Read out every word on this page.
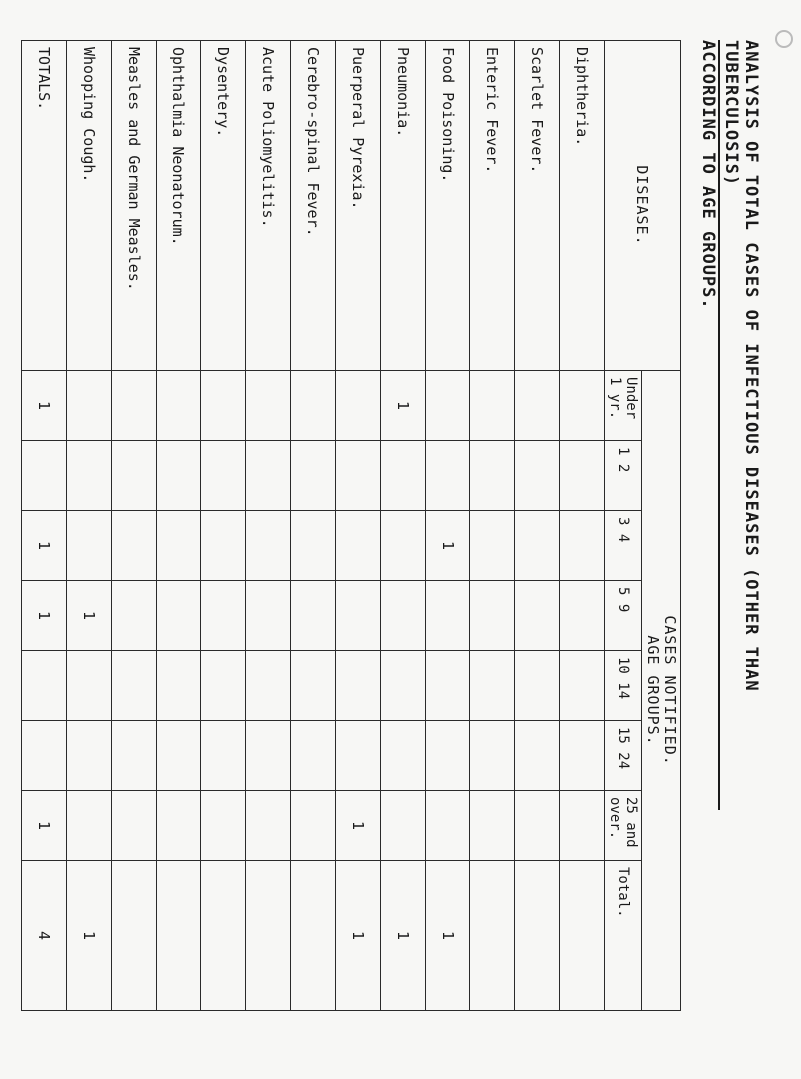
ANALYSIS OF TOTAL CASES OF INFECTIOUS DISEASES (OTHER THAN TUBERCULOSIS)
ACCORDING TO AGE GROUPS.
DISEASE.	CASES NOTIFIED.
AGE GROUPS.							
	Under 1 yr.	1 2	3 4	5 9	10 14	15 24	25 and over.	Total.
Diphtheria.								
Scarlet Fever.								
Enteric Fever.								
Food Poisoning.			1					1
Pneumonia.	1							1
Puerperal Pyrexia.							1	1
Cerebro-spinal Fever.								
Acute Poliomyelitis.								
Dysentery.								
Ophthalmia Neonatorum.								
Measles and German Measles.								
Whooping Cough.				1				1
TOTALS.	1		1	1			1	4
